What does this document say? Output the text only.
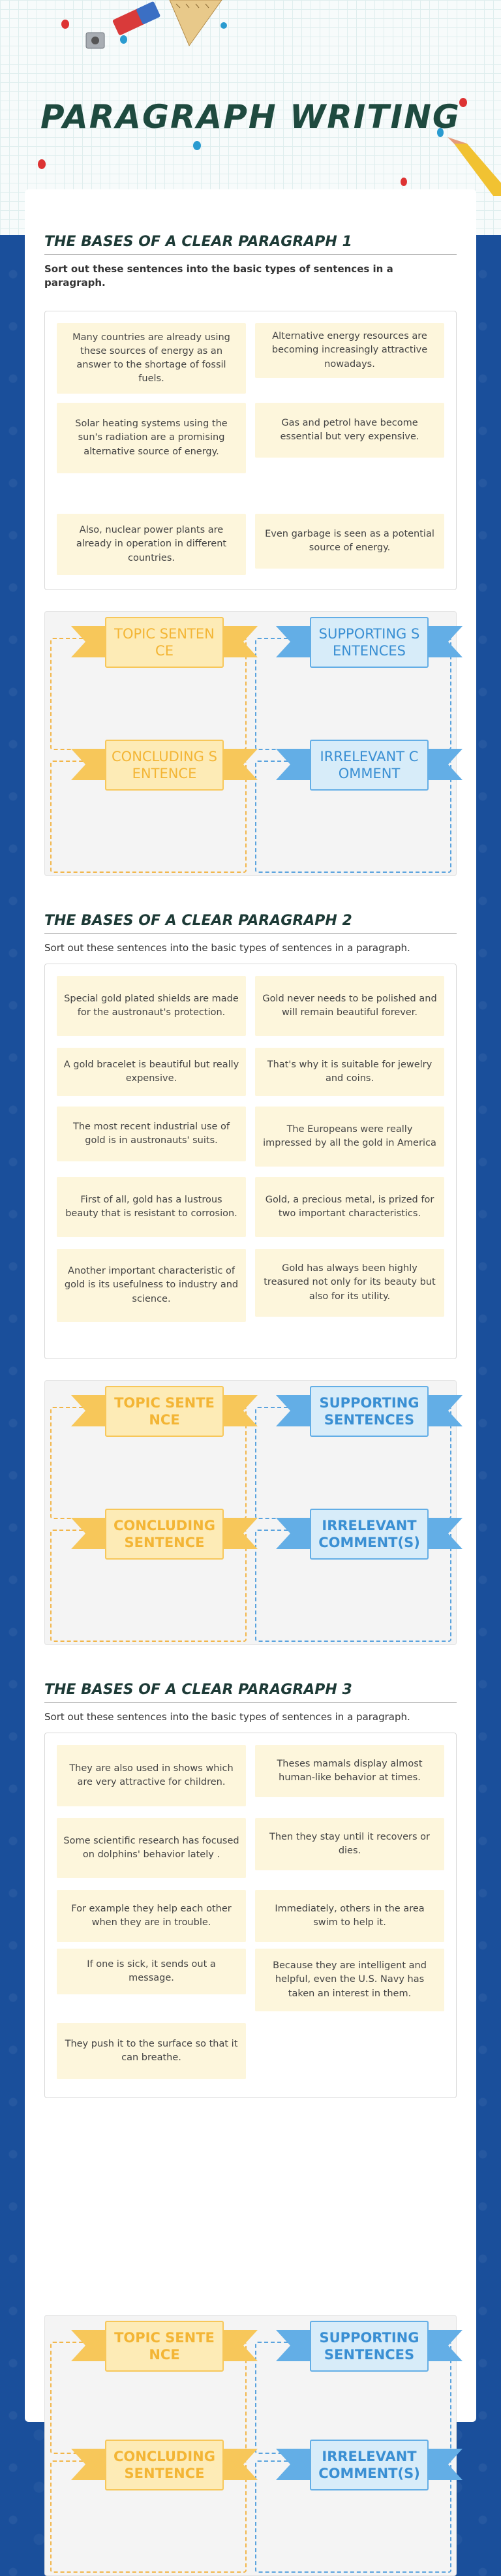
PARAGRAPH WRITING
THE BASES OF A CLEAR PARAGRAPH 1
Sort out these sentences into the basic types of sentences in a paragraph.
Many countries are already using these sources of energy as an answer to the shortage of fossil fuels.
Alternative energy resources are becoming increasingly attractive nowadays.
Solar heating systems using the sun's radiation are a promising alternative source of energy.
Gas and petrol have become essential but very expensive.
Also, nuclear power plants are already in operation in different countries.
Even garbage is seen as a potential source of energy.
TOPIC SENTENCE
SUPPORTING SENTENCES
CONCLUDING SENTENCE
IRRELEVANT COMMENT
THE BASES OF A CLEAR PARAGRAPH 2
Sort out these sentences into the basic types of sentences in a paragraph.
Special gold plated shields are made for the austronaut's protection.
Gold never needs to be polished and will remain beautiful forever.
A gold bracelet is beautiful but really expensive.
That's why it is suitable for jewelry and coins.
The most recent industrial use of gold is in austronauts' suits.
The Europeans were really impressed by all the gold in America
First of all, gold has a lustrous beauty that is resistant to corrosion.
Gold, a precious metal, is prized for two important characteristics.
Another important characteristic of gold is its usefulness to industry and science.
Gold has always been highly treasured not only for its beauty but also for its utility.
TOPIC SENTENCE
SUPPORTING SENTENCES
CONCLUDING SENTENCE
IRRELEVANT COMMENT(S)
THE BASES OF A CLEAR PARAGRAPH 3
Sort out these sentences into the basic types of sentences in a paragraph.
They are also used in shows which are very attractive for children.
Theses mamals display almost human-like behavior at times.
Some scientific research has focused on dolphins' behavior lately .
Then they stay until it recovers or dies.
For example they help each other when they are in trouble.
Immediately, others in the area swim to help it.
If one is sick, it sends out a message.
Because they are intelligent and helpful, even the U.S. Navy has taken an interest in them.
They push it to the surface so that it can breathe.
TOPIC SENTENCE
SUPPORTING SENTENCES
CONCLUDING SENTENCE
IRRELEVANT COMMENT(S)
